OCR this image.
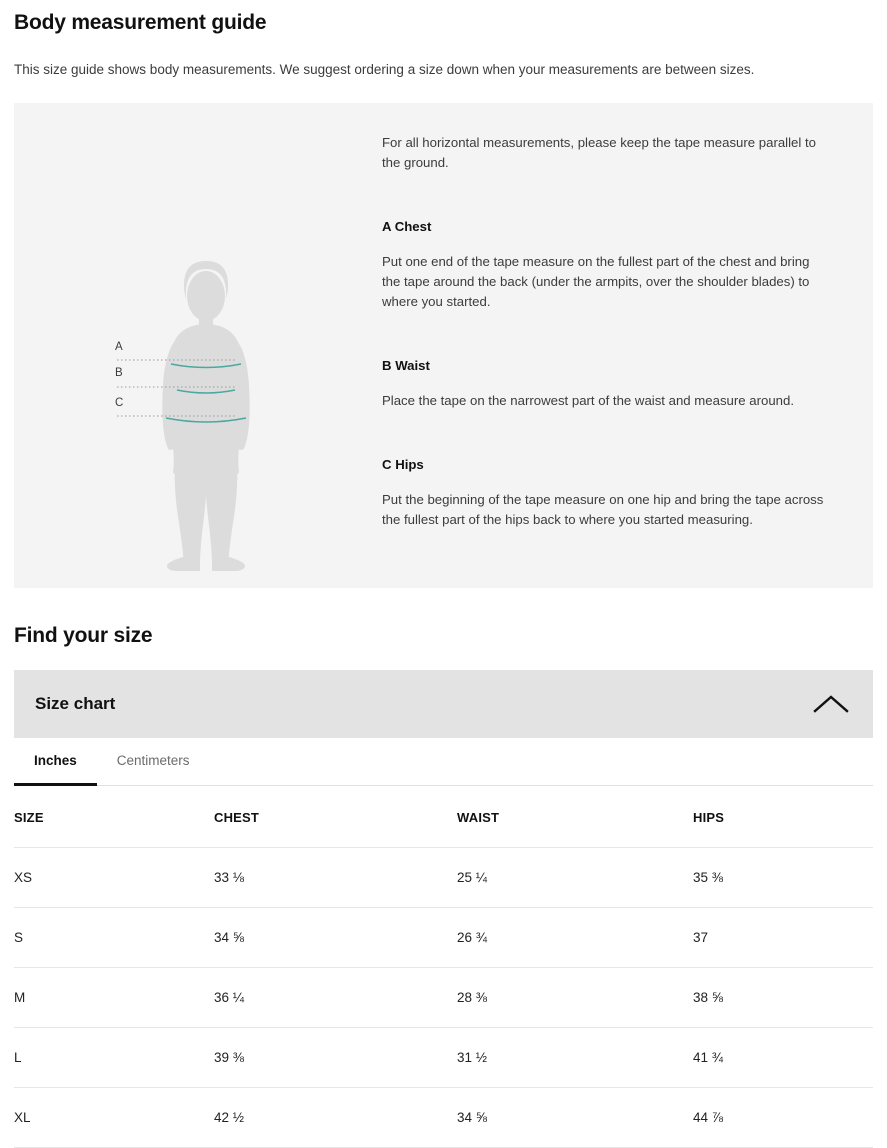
Body measurement guide

This size guide shows body measurements. We suggest ordering a size down when your measurements are between sizes.

A
B
C

For all horizontal measurements, please keep the tape measure parallel to the ground.

A Chest

Put one end of the tape measure on the fullest part of the chest and bring the tape around the back (under the armpits, over the shoulder blades) to where you started.

B Waist

Place the tape on the narrowest part of the waist and measure around.

C Hips

Put the beginning of the tape measure on one hip and bring the tape across the fullest part of the hips back to where you started measuring.

Find your size
Size chart
Inches	Centimeters
SIZE	CHEST	WAIST	HIPS
XS	33 ⅛	25 ¼	35 ⅜
S	34 ⅝	26 ¾	37
M	36 ¼	28 ⅜	38 ⅝
L	39 ⅜	31 ½	41 ¾
XL	42 ½	34 ⅝	44 ⅞
